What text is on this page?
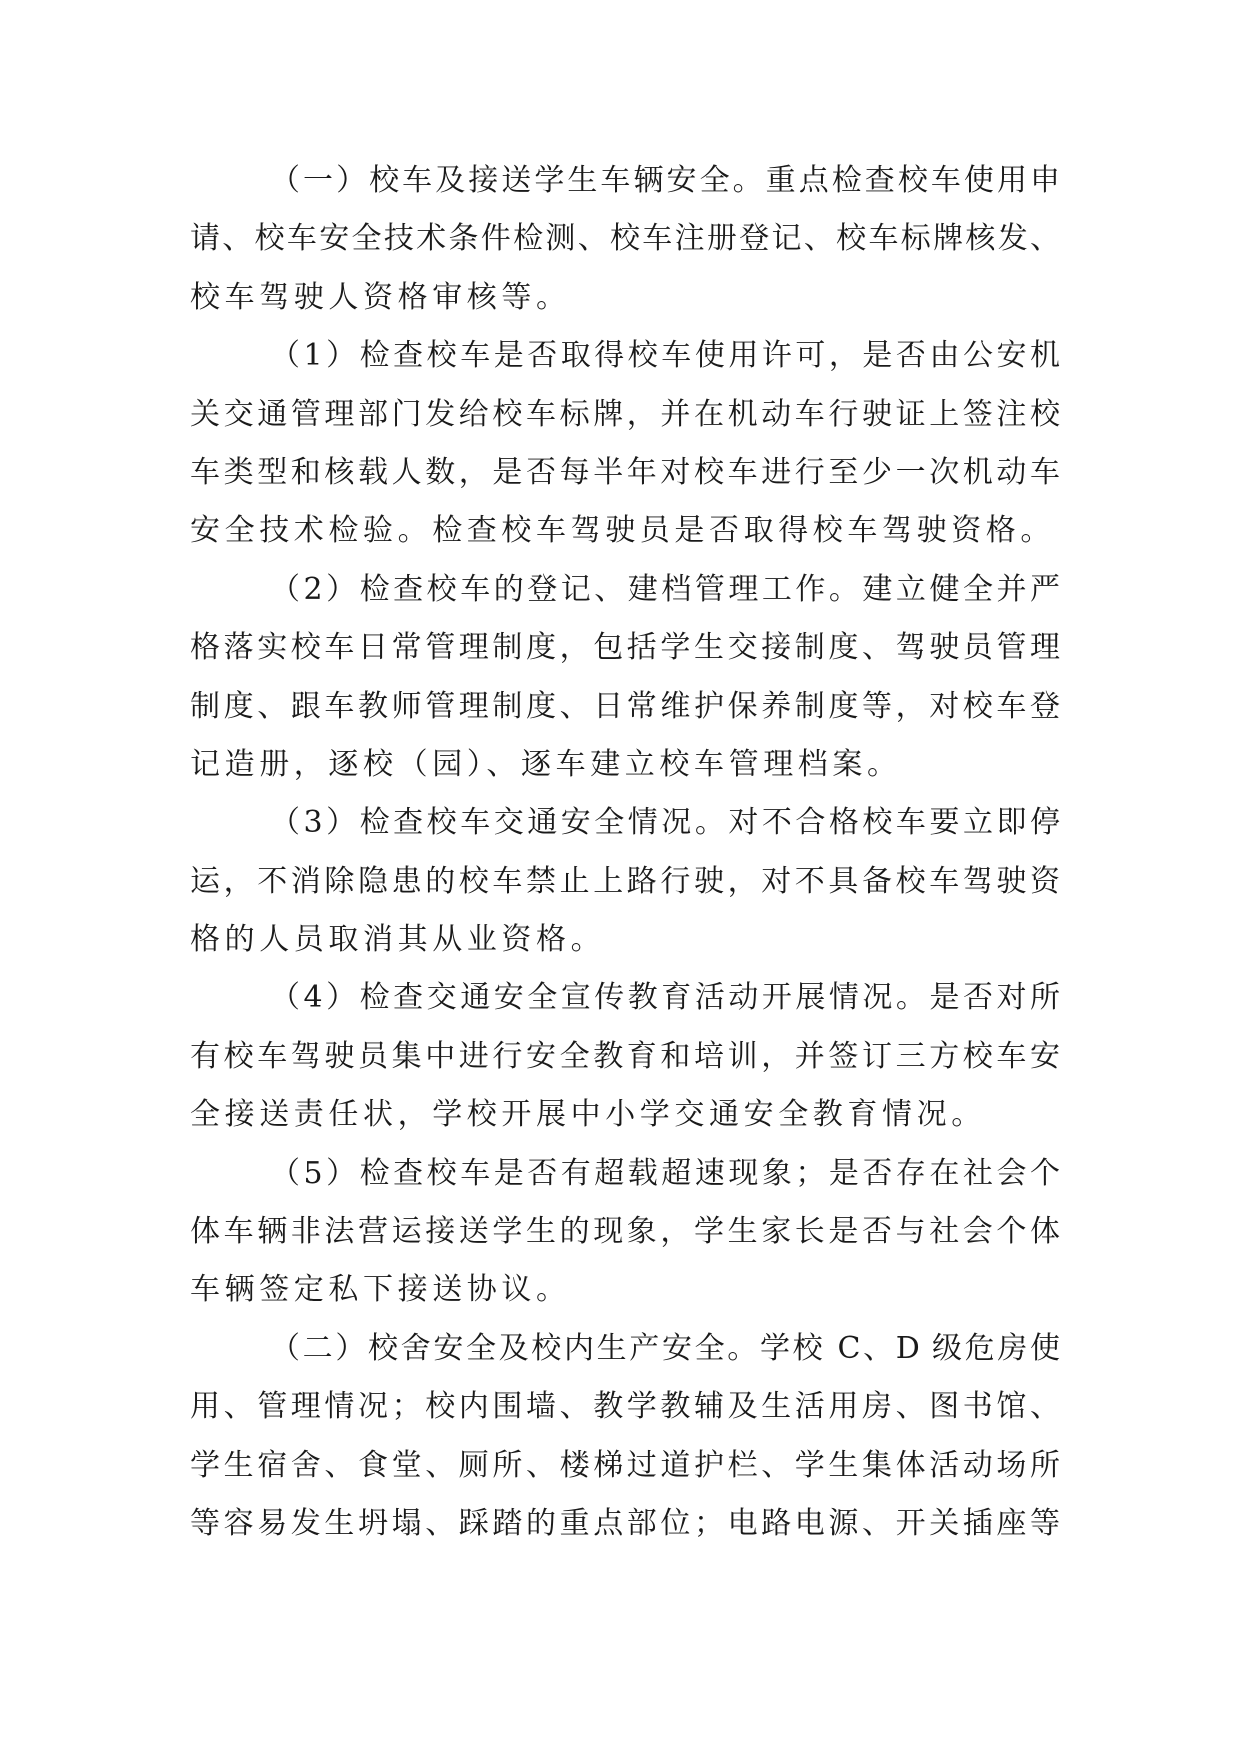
（一）校车及接送学生车辆安全。重点检查校车使用申
请、校车安全技术条件检测、校车注册登记、校车标牌核发、
校车驾驶人资格审核等。
（1）检查校车是否取得校车使用许可，是否由公安机
关交通管理部门发给校车标牌，并在机动车行驶证上签注校
车类型和核载人数，是否每半年对校车进行至少一次机动车
安全技术检验。检查校车驾驶员是否取得校车驾驶资格。
（2）检查校车的登记、建档管理工作。建立健全并严
格落实校车日常管理制度，包括学生交接制度、驾驶员管理
制度、跟车教师管理制度、日常维护保养制度等，对校车登
记造册，逐校（园）、逐车建立校车管理档案。
（3）检查校车交通安全情况。对不合格校车要立即停
运，不消除隐患的校车禁止上路行驶，对不具备校车驾驶资
格的人员取消其从业资格。
（4）检查交通安全宣传教育活动开展情况。是否对所
有校车驾驶员集中进行安全教育和培训，并签订三方校车安
全接送责任状，学校开展中小学交通安全教育情况。
（5）检查校车是否有超载超速现象；是否存在社会个
体车辆非法营运接送学生的现象，学生家长是否与社会个体
车辆签定私下接送协议。
（二）校舍安全及校内生产安全。学校 C、D 级危房使
用、管理情况；校内围墙、教学教辅及生活用房、图书馆、
学生宿舍、食堂、厕所、楼梯过道护栏、学生集体活动场所
等容易发生坍塌、踩踏的重点部位；电路电源、开关插座等
